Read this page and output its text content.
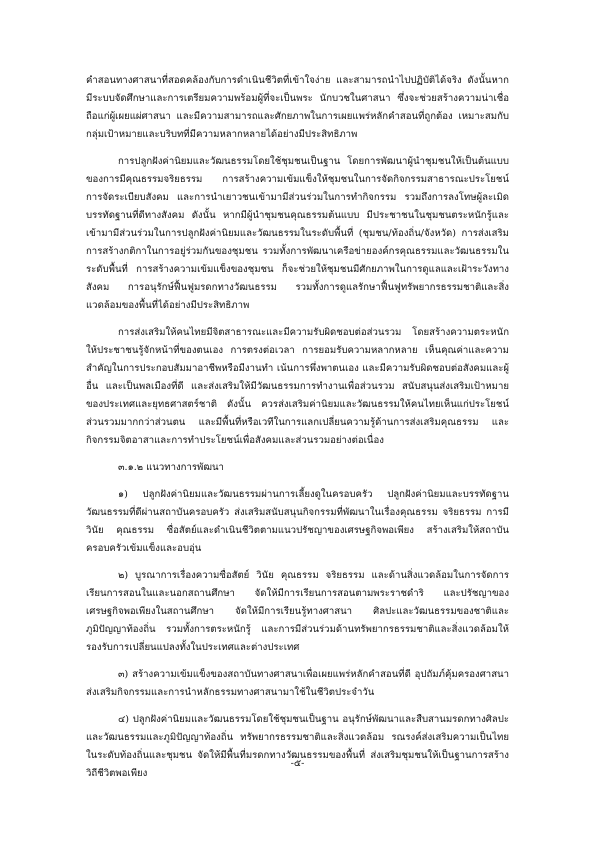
คำสอนทางศาสนาที่สอดคล้องกับการดำเนินชีวิตที่เข้าใจง่าย และสามารถนำไปปฏิบัติได้จริง ดังนั้นหากมีระบบจัดศึกษาและการเตรียมความพร้อมผู้ที่จะเป็นพระ นักบวชในศาสนา ซึ่งจะช่วยสร้างความน่าเชื่อถือแก่ผู้เผยแผ่ศาสนา และมีความสามารถและศักยภาพในการเผยแพร่หลักคำสอนที่ถูกต้อง เหมาะสมกับกลุ่มเป้าหมายและบริบทที่มีความหลากหลายได้อย่างมีประสิทธิภาพ

การปลูกฝังค่านิยมและวัฒนธรรมโดยใช้ชุมชนเป็นฐาน โดยการพัฒนาผู้นำชุมชนให้เป็นต้นแบบของการมีคุณธรรมจริยธรรม การสร้างความเข้มแข็งให้ชุมชนในการจัดกิจกรรมสาธารณะประโยชน์ การจัดระเบียบสังคม และการนำเยาวชนเข้ามามีส่วนร่วมในการทำกิจกรรม รวมถึงการลงโทษผู้ละเมิดบรรทัดฐานที่ดีทางสังคม ดังนั้น หากมีผู้นำชุมชนคุณธรรมต้นแบบ มีประชาชนในชุมชนตระหนักรู้และเข้ามามีส่วนร่วมในการปลูกฝังค่านิยมและวัฒนธรรมในระดับพื้นที่ (ชุมชน/ท้องถิ่น/จังหวัด) การส่งเสริมการสร้างกติกาในการอยู่ร่วมกันของชุมชน รวมทั้งการพัฒนาเครือข่ายองค์กรคุณธรรมและวัฒนธรรมในระดับพื้นที่ การสร้างความเข้มแข็งของชุมชน ก็จะช่วยให้ชุมชนมีศักยภาพในการดูแลและเฝ้าระวังทางสังคม การอนุรักษ์ฟื้นฟูมรดกทางวัฒนธรรม รวมทั้งการดูแลรักษาฟื้นฟูทรัพยากรธรรมชาติและสิ่งแวดล้อมของพื้นที่ได้อย่างมีประสิทธิภาพ

การส่งเสริมให้คนไทยมีจิตสาธารณะและมีความรับผิดชอบต่อส่วนรวม โดยสร้างความตระหนักให้ประชาชนรู้จักหน้าที่ของตนเอง การตรงต่อเวลา การยอมรับความหลากหลาย เห็นคุณค่าและความสำคัญในการประกอบสัมมาอาชีพหรือมีงานทำ เน้นการพึ่งพาตนเอง และมีความรับผิดชอบต่อสังคมและผู้อื่น และเป็นพลเมืองที่ดี และส่งเสริมให้มีวัฒนธรรมการทำงานเพื่อส่วนรวม สนับสนุนส่งเสริมเป้าหมายของประเทศและยุทธศาสตร์ชาติ ดังนั้น ควรส่งเสริมค่านิยมและวัฒนธรรมให้คนไทยเห็นแก่ประโยชน์ส่วนรวมมากกว่าส่วนตน และมีพื้นที่หรือเวทีในการแลกเปลี่ยนความรู้ด้านการส่งเสริมคุณธรรม และกิจกรรมจิตอาสาและการทำประโยชน์เพื่อสังคมและส่วนรวมอย่างต่อเนื่อง

๓.๑.๒ แนวทางการพัฒนา

๑) ปลูกฝังค่านิยมและวัฒนธรรมผ่านการเลี้ยงดูในครอบครัว ปลูกฝังค่านิยมและบรรทัดฐานวัฒนธรรมที่ดีผ่านสถาบันครอบครัว ส่งเสริมสนับสนุนกิจกรรมที่พัฒนาในเรื่องคุณธรรม จริยธรรม การมีวินัย คุณธรรม ซื่อสัตย์และดำเนินชีวิตตามแนวปรัชญาของเศรษฐกิจพอเพียง สร้างเสริมให้สถาบันครอบครัวเข้มแข็งและอบอุ่น

๒) บูรณาการเรื่องความซื่อสัตย์ วินัย คุณธรรม จริยธรรม และด้านสิ่งแวดล้อมในการจัดการเรียนการสอนในและนอกสถานศึกษา จัดให้มีการเรียนการสอนตามพระราชดำริ และปรัชญาของเศรษฐกิจพอเพียงในสถานศึกษา จัดให้มีการเรียนรู้ทางศาสนา ศิลปะและวัฒนธรรมของชาติและภูมิปัญญาท้องถิ่น รวมทั้งการตระหนักรู้ และการมีส่วนร่วมด้านทรัพยากรธรรมชาติและสิ่งแวดล้อมให้รองรับการเปลี่ยนแปลงทั้งในประเทศและต่างประเทศ

๓) สร้างความเข้มแข็งของสถาบันทางศาสนาเพื่อเผยแพร่หลักคำสอนที่ดี อุปถัมภ์คุ้มครองศาสนา ส่งเสริมกิจกรรมและการนำหลักธรรมทางศาสนามาใช้ในชีวิตประจำวัน

๔) ปลูกฝังค่านิยมและวัฒนธรรมโดยใช้ชุมชนเป็นฐาน อนุรักษ์พัฒนาและสืบสานมรดกทางศิลปะและวัฒนธรรมและภูมิปัญญาท้องถิ่น ทรัพยากรธรรมชาติและสิ่งแวดล้อม รณรงค์ส่งเสริมความเป็นไทยในระดับท้องถิ่นและชุมชน จัดให้มีพื้นที่มรดกทางวัฒนธรรมของพื้นที่ ส่งเสริมชุมชนให้เป็นฐานการสร้างวิถีชีวิตพอเพียง

-๕-
